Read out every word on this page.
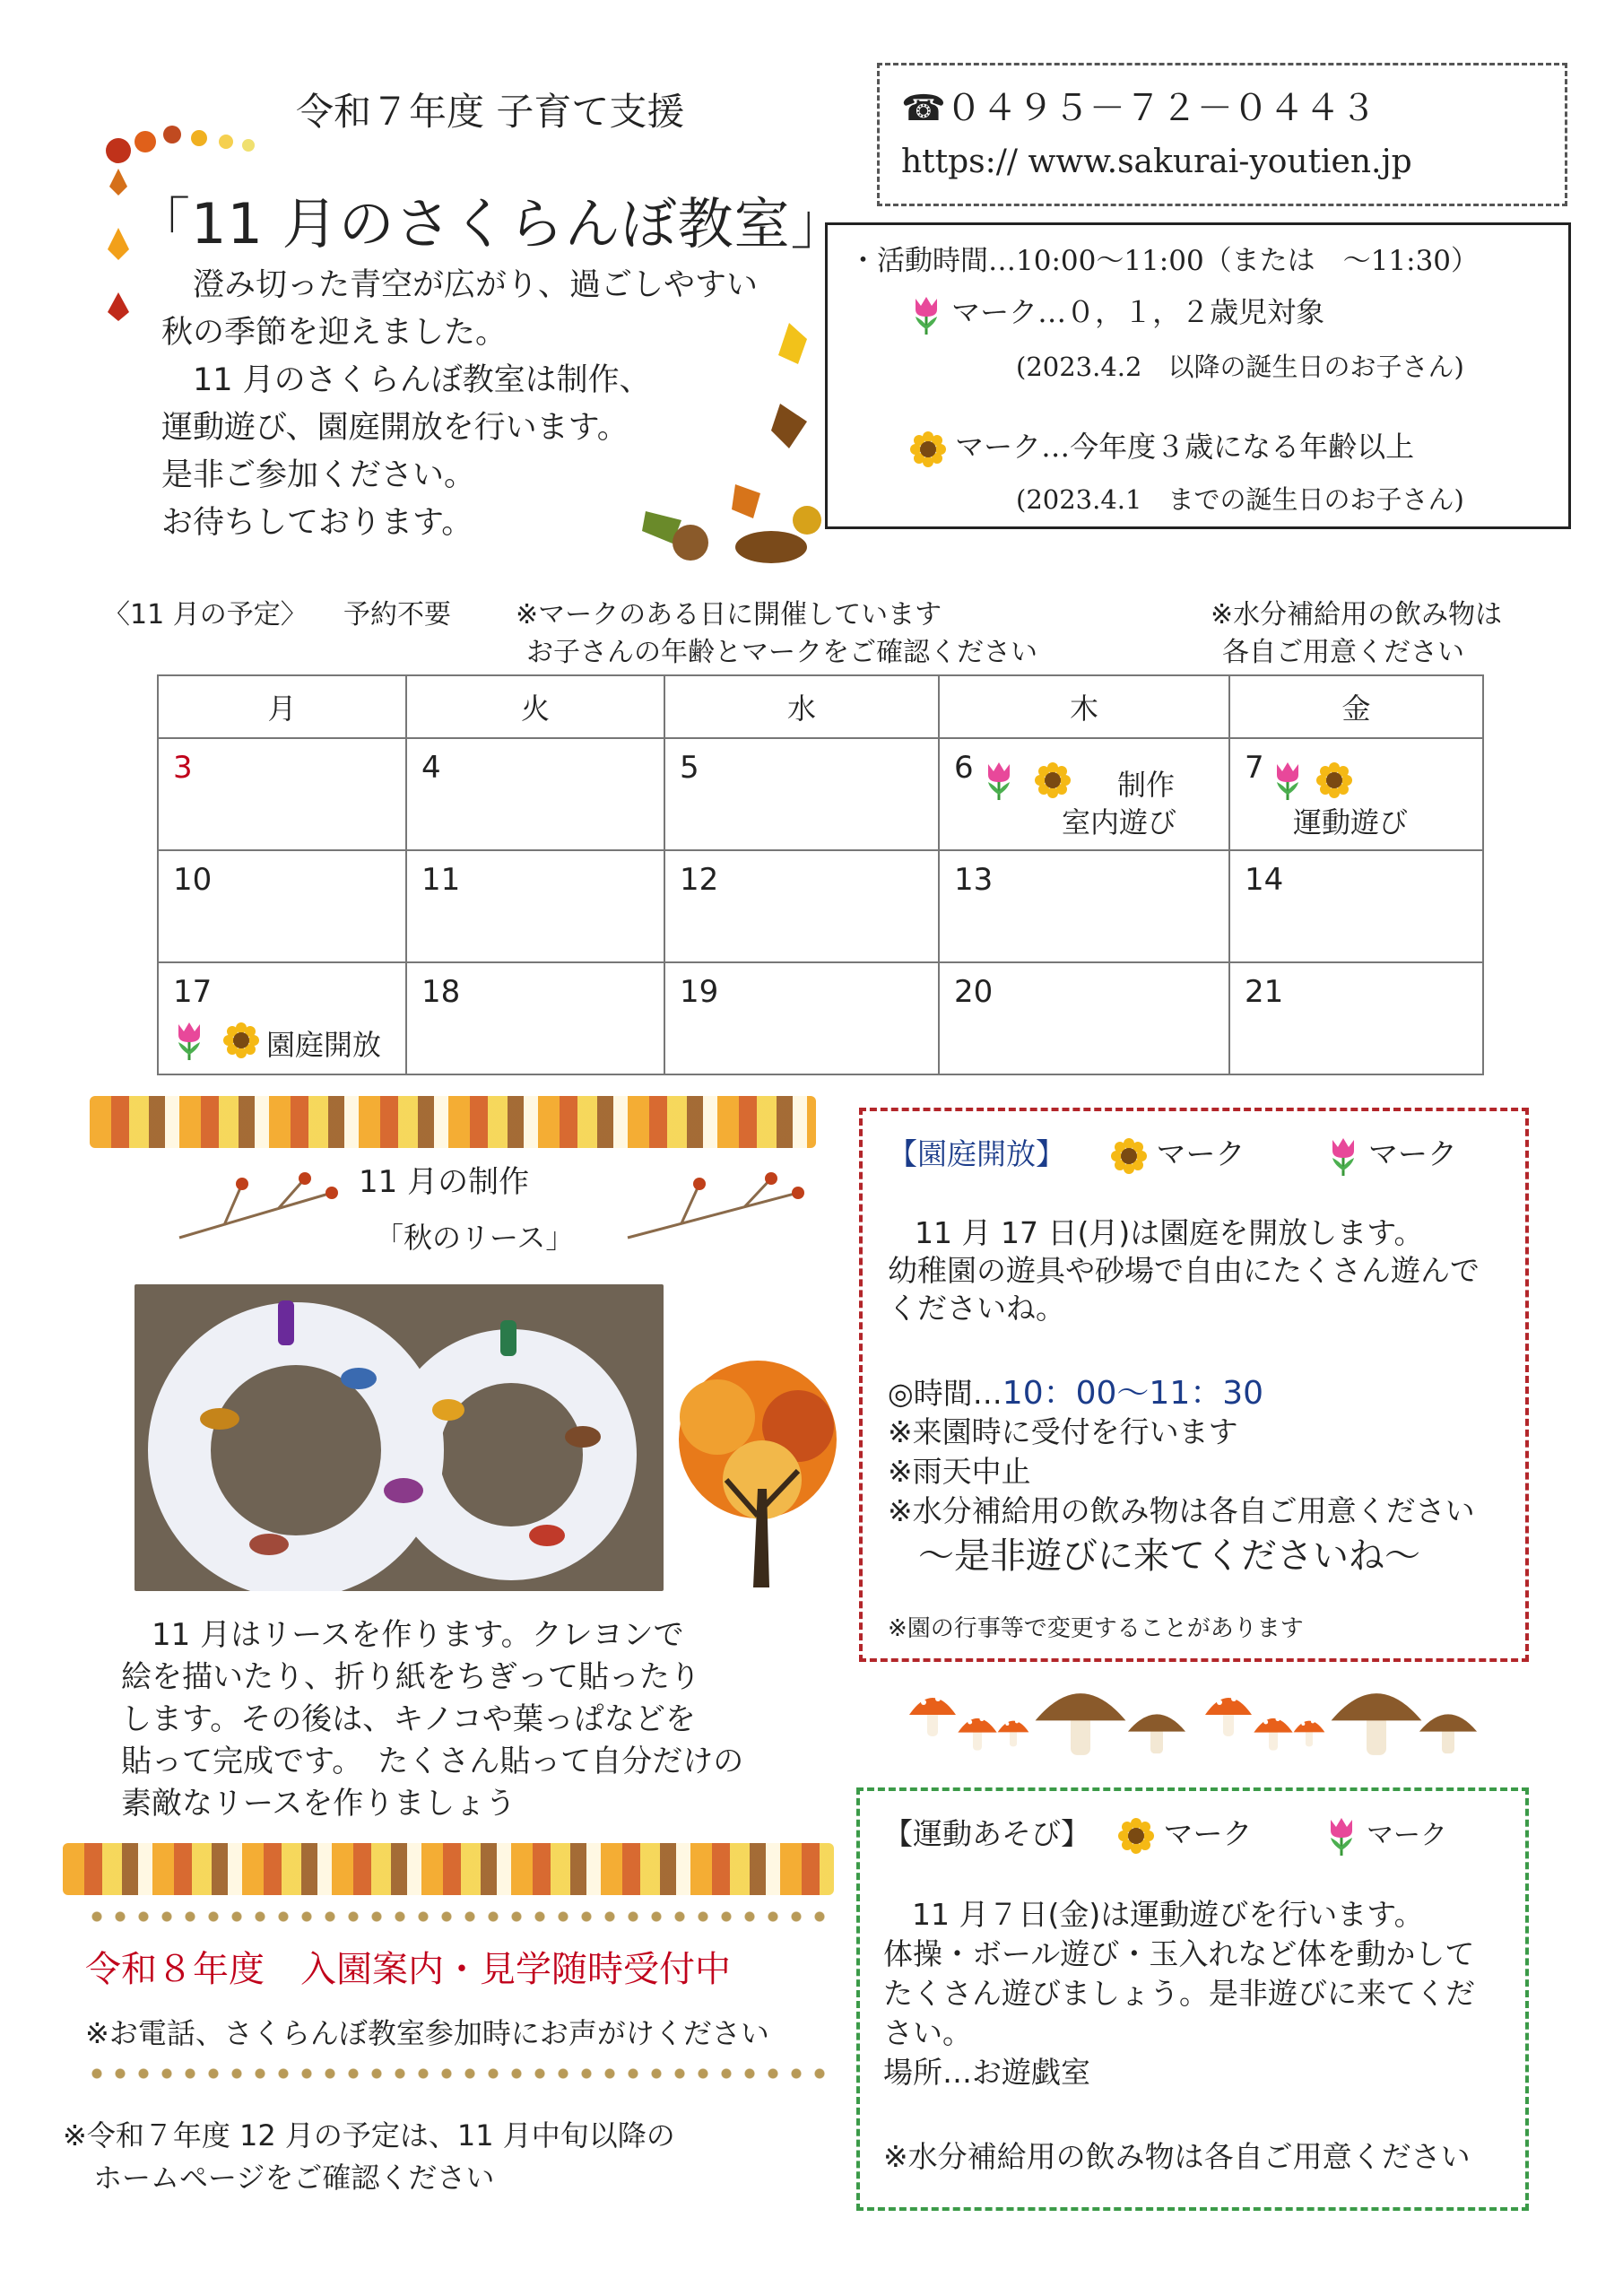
令和７年度 子育て支援
「11 月のさくらんぼ教室」

　澄み切った青空が広がり、過ごしやすい

秋の季節を迎えました。

　11 月のさくらんぼ教室は制作、

運動遊び、園庭開放を行います。

是非ご参加ください。

お待ちしております。

☎０４９５－７２－０４４３
https:// www.sakurai-youtien.jp
・活動時間…10:00～11:00（または　～11:30）
マーク…０，１，２歳児対象
(2023.4.2　以降の誕生日のお子さん)
マーク…今年度３歳になる年齢以上
(2023.4.1　までの誕生日のお子さん)
〈11 月の予定〉 予約不要 ※マークのある日に開催しています
お子さんの年齢とマークをご確認ください
※水分補給用の飲み物は
各自ご用意ください
月	火	水	木	金

3	4	5	6 制作
室内遊び	7
運動遊び

10	11	12	13	14

17
園庭開放	18	19	20	21
11 月の制作
「秋のリース」

　11 月はリースを作ります。クレヨンで

絵を描いたり、折り紙をちぎって貼ったり

します。その後は、キノコや葉っぱなどを

貼って完成です。　たくさん貼って自分だけの

素敵なリースを作りましょう

令和８年度　入園案内・見学随時受付中
※お電話、さくらんぼ教室参加時にお声がけください
※令和７年度 12 月の予定は、11 月中旬以降の
ホームページをご確認ください
【園庭開放】	マーク	マーク
11 月 17 日(月)は園庭を開放します。
幼稚園の遊具や砂場で自由にたくさん遊んで
くださいね。
◎時間…10：00～11：30
※来園時に受付を行います
※雨天中止
※水分補給用の飲み物は各自ご用意ください
～是非遊びに来てくださいね～
※園の行事等で変更することがあります
【運動あそび】 マーク	マーク
11 月７日(金)は運動遊びを行います。
体操・ボール遊び・玉入れなど体を動かして
たくさん遊びましょう。是非遊びに来てくだ
さい。
場所…お遊戯室
※水分補給用の飲み物は各自ご用意ください
